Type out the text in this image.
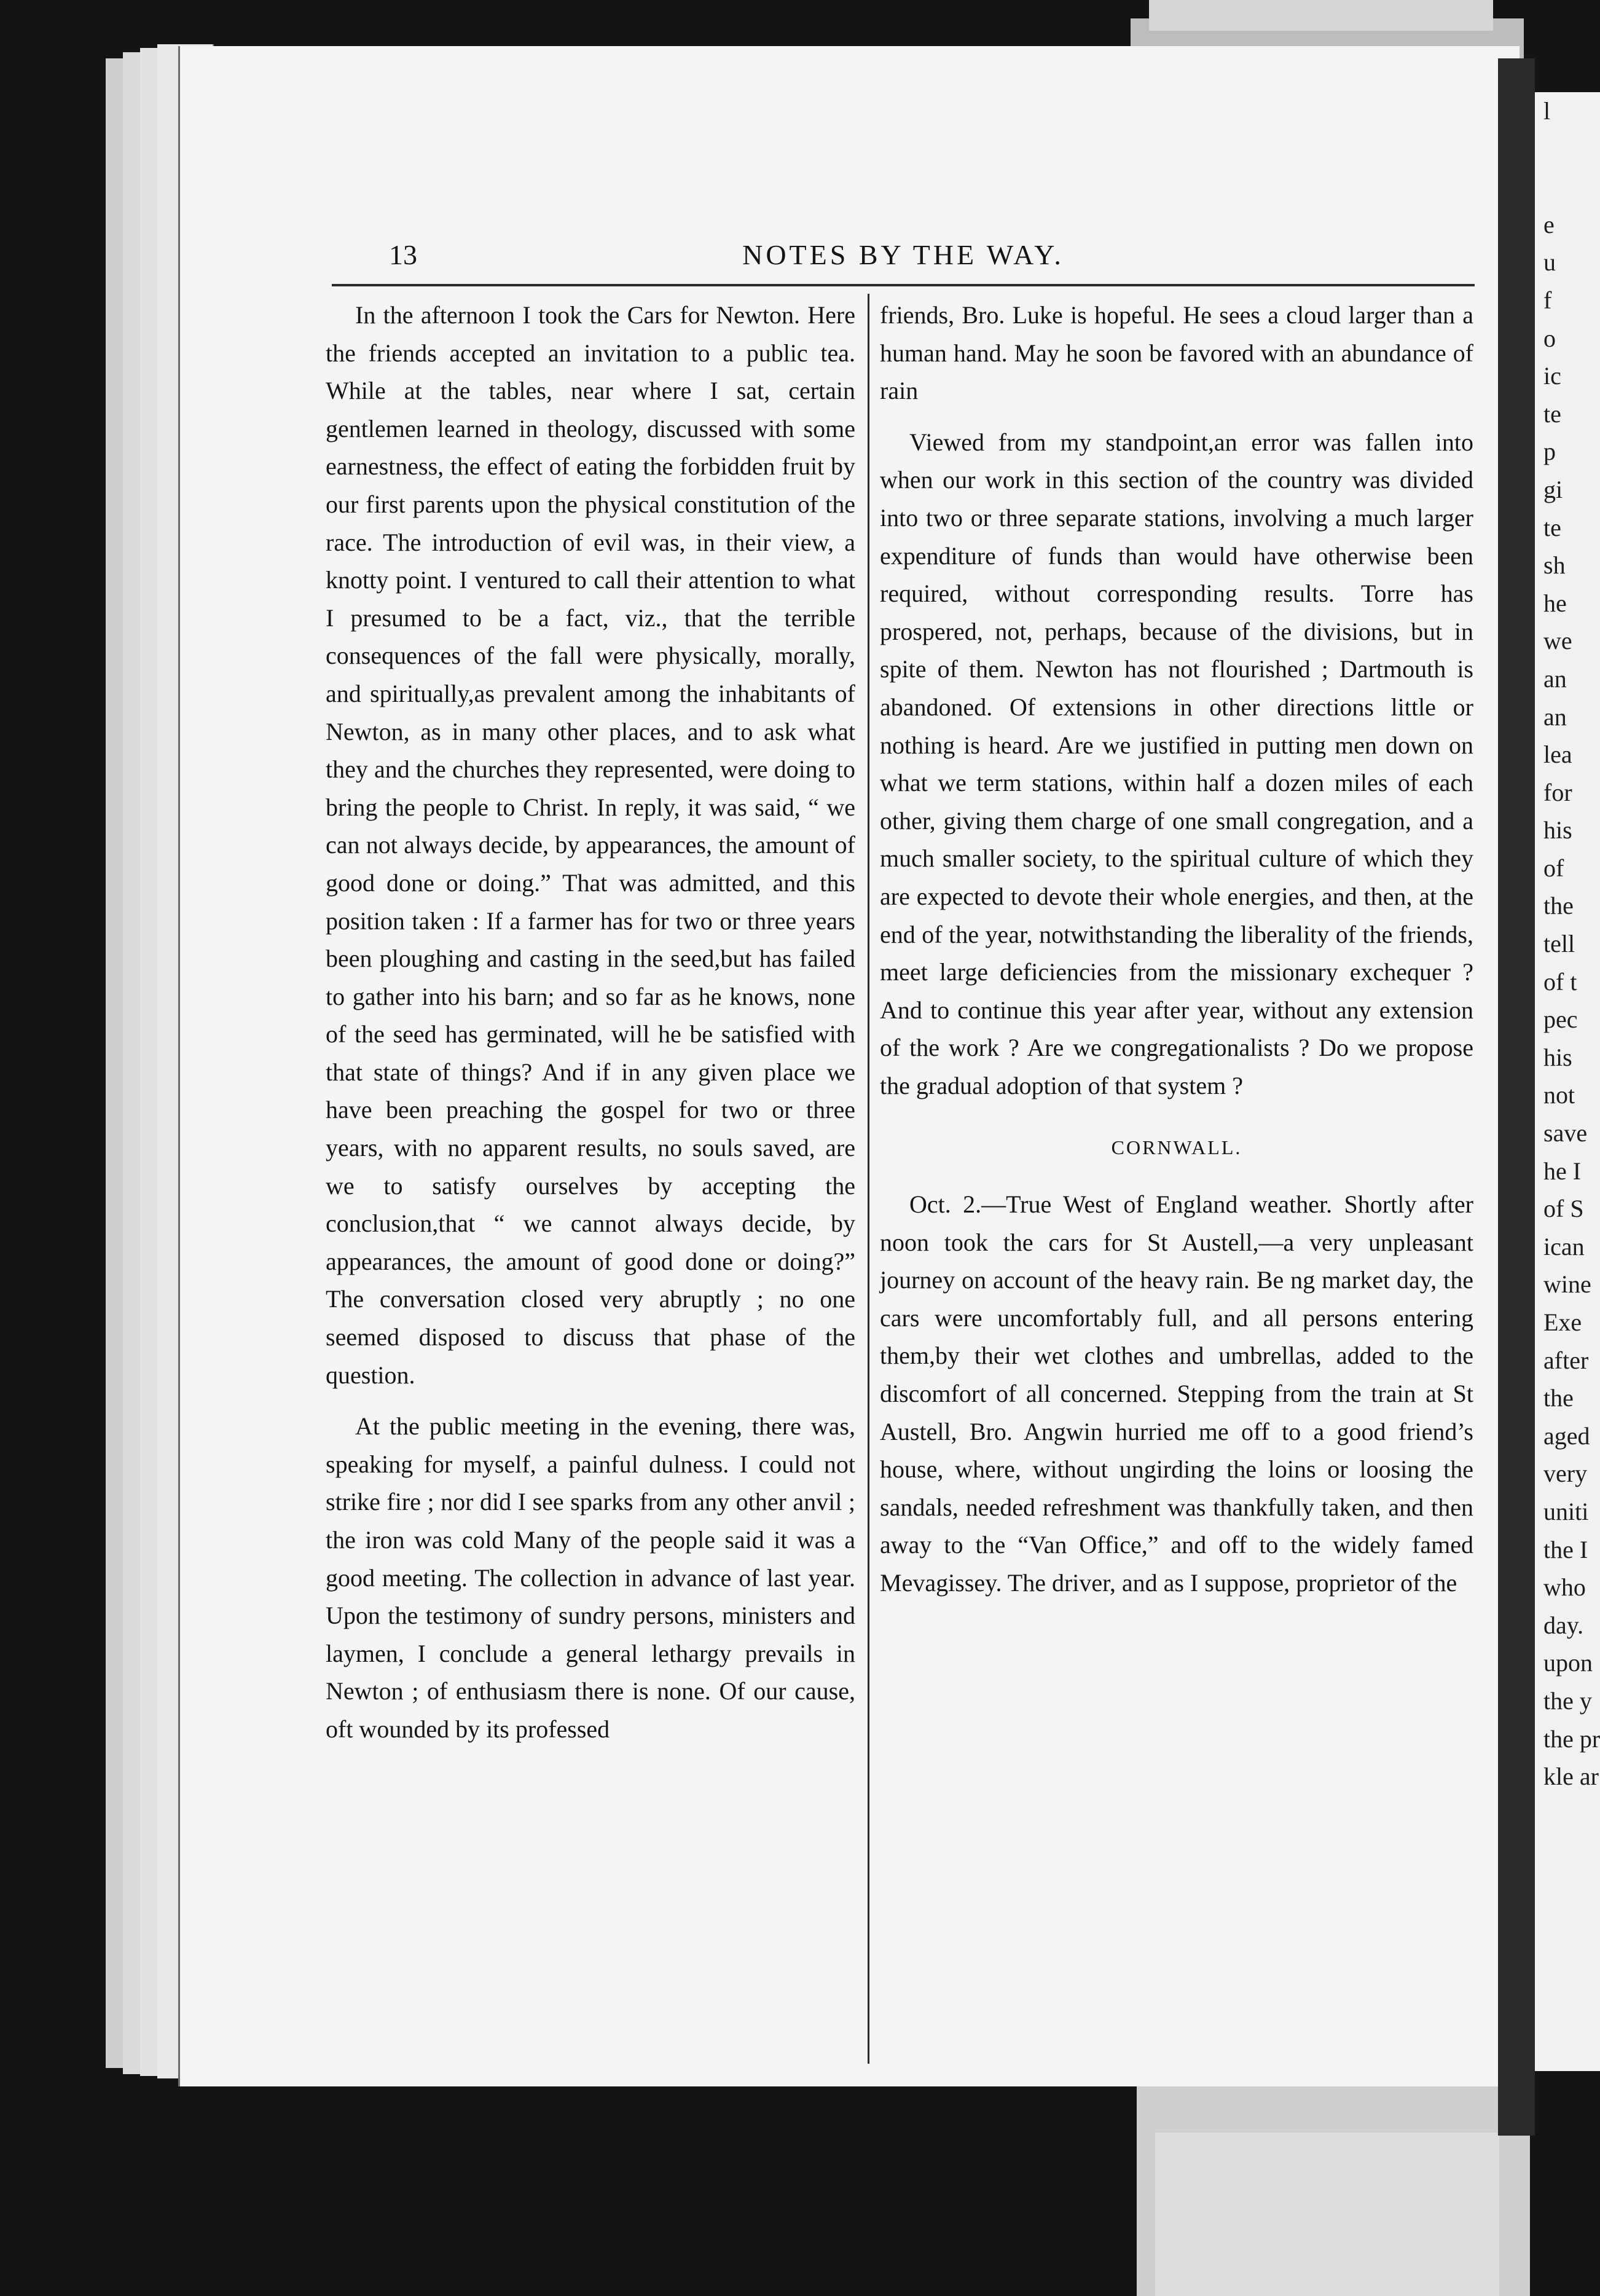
l
e
u
f
o
ic
te
p
gi
te
sh
he
we
an
an
lea
for
his
of
the
tell
of t
pec
his
not
save
he I
of S
ican
wine
Exe
after
the
aged
very
uniti
the I
who
day.
upon
the y
the pr
kle ar
13	NOTES BY THE WAY.

In the afternoon I took the Cars for Newton. Here the friends accepted an invitation to a public tea. While at the tables, near where I sat, certain gentlemen learned in theology, discussed with some earnestness, the effect of eating the forbidden fruit by our first parents upon the physical constitution of the race. The introduction of evil was, in their view, a knotty point. I ventured to call their attention to what I presumed to be a fact, viz., that the terrible consequences of the fall were physically, morally, and spiritually,as prevalent among the inhabitants of Newton, as in many other places, and to ask what they and the churches they represented, were doing to bring the people to Christ. In reply, it was said, “ we can not always decide, by appearances, the amount of good done or doing.” That was admitted, and this position taken : If a farmer has for two or three years been ploughing and casting in the seed,but has failed to gather into his barn; and so far as he knows, none of the seed has germinated, will he be satisfied with that state of things? And if in any given place we have been preaching the gospel for two or three years, with no apparent results, no souls saved, are we to satisfy ourselves by accepting the conclusion,that “ we cannot always decide, by appearances, the amount of good done or doing?” The conversation closed very abruptly ; no one seemed disposed to discuss that phase of the question.

At the public meeting in the evening, there was, speaking for myself, a painful dulness. I could not strike fire ; nor did I see sparks from any other anvil ; the iron was cold Many of the people said it was a good meeting. The collection in advance of last year. Upon the testimony of sundry persons, ministers and laymen, I conclude a general lethargy prevails in Newton ; of enthusiasm there is none. Of our cause, oft wounded by its professed

friends, Bro. Luke is hopeful. He sees a cloud larger than a human hand. May he soon be favored with an abundance of rain

Viewed from my standpoint,an error was fallen into when our work in this section of the country was divided into two or three separate stations, involving a much larger expenditure of funds than would have otherwise been required, without corresponding results. Torre has prospered, not, perhaps, because of the divisions, but in spite of them. Newton has not flourished ; Dartmouth is abandoned. Of extensions in other directions little or nothing is heard. Are we justified in putting men down on what we term stations, within half a dozen miles of each other, giving them charge of one small congregation, and a much smaller society, to the spiritual culture of which they are expected to devote their whole energies, and then, at the end of the year, notwithstanding the liberality of the friends, meet large deficiencies from the missionary exchequer ? And to continue this year after year, without any extension of the work ? Are we congregationalists ? Do we propose the gradual adoption of that system ?

CORNWALL.

Oct. 2.—True West of England weather. Shortly after noon took the cars for St Austell,—a very unpleasant journey on account of the heavy rain. Be ng market day, the cars were uncomfortably full, and all persons entering them,by their wet clothes and umbrellas, added to the discomfort of all concerned. Stepping from the train at St Austell, Bro. Angwin hurried me off to a good friend’s house, where, without ungirding the loins or loosing the sandals, needed refreshment was thankfully taken, and then away to the “Van Office,” and off to the widely famed Mevagissey. The driver, and as I suppose, proprietor of the
